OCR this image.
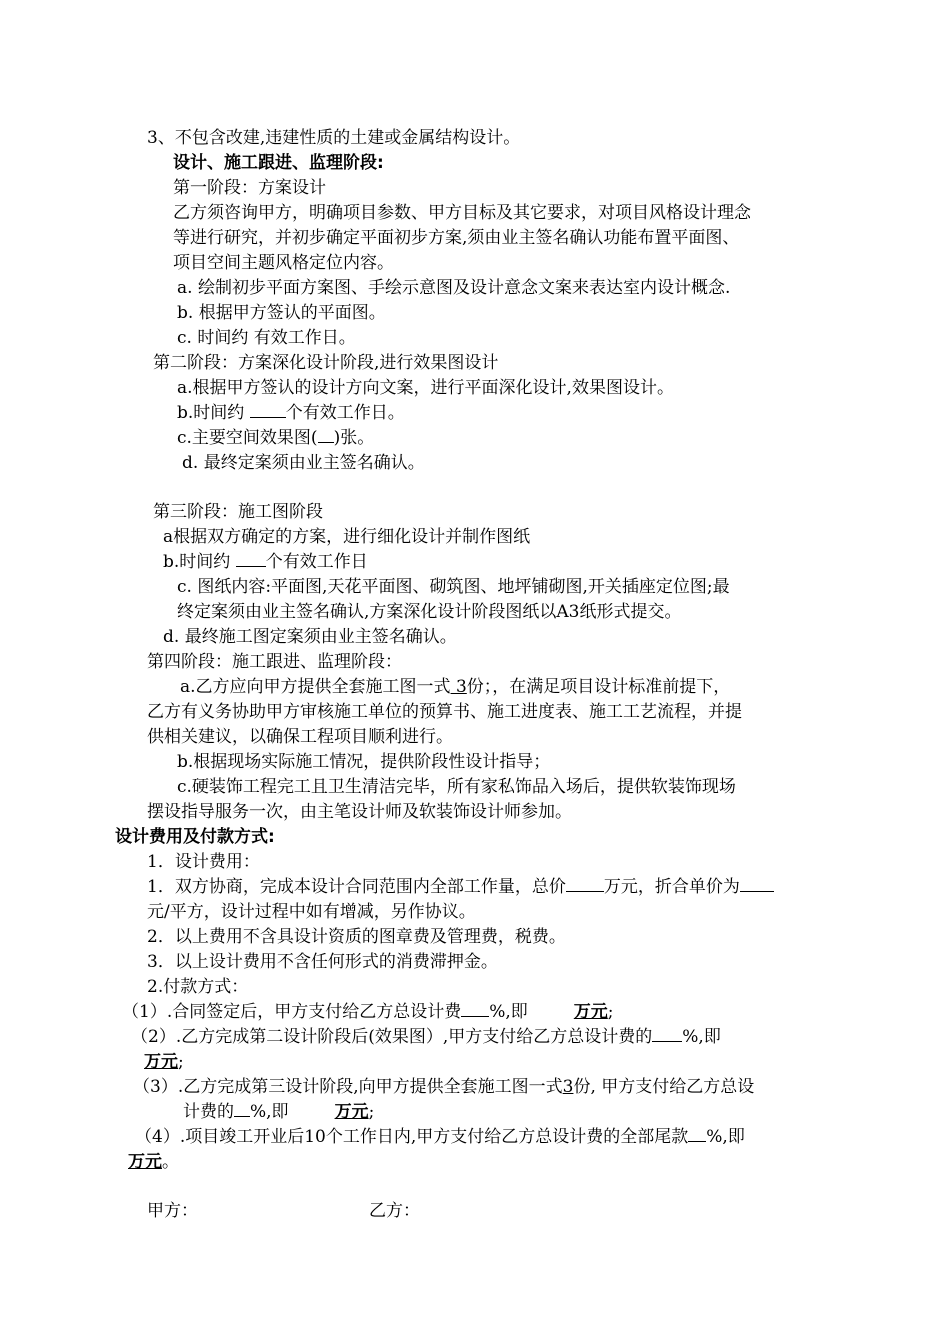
3、不包含改建,违建性质的土建或金属结构设计。
设计、施工跟进、监理阶段:
第一阶段：方案设计
乙方须咨询甲方，明确项目参数、甲方目标及其它要求，对项目风格设计理念
等进行研究，并初步确定平面初步方案,须由业主签名确认功能布置平面图、
项目空间主题风格定位内容。
a. 绘制初步平面方案图、手绘示意图及设计意念文案来表达室内设计概念.
b. 根据甲方签认的平面图。
c. 时间约 有效工作日。
第二阶段：方案深化设计阶段,进行效果图设计
a.根据甲方签认的设计方向文案，进行平面深化设计,效果图设计。
b.时间约 个有效工作日。
c.主要空间效果图( )张。
d. 最终定案须由业主签名确认。
第三阶段：施工图阶段
a根据双方确定的方案，进行细化设计并制作图纸
b.时间约 个有效工作日
c. 图纸内容:平面图,天花平面图、砌筑图、地坪铺砌图,开关插座定位图;最
终定案须由业主签名确认,方案深化设计阶段图纸以A3纸形式提交。
d. 最终施工图定案须由业主签名确认。
第四阶段：施工跟进、监理阶段：
a.乙方应向甲方提供全套施工图一式 3份；，在满足项目设计标准前提下，
乙方有义务协助甲方审核施工单位的预算书、施工进度表、施工工艺流程，并提
供相关建议，以确保工程项目顺利进行。
b.根据现场实际施工情况，提供阶段性设计指导；
c.硬装饰工程完工且卫生清洁完毕，所有家私饰品入场后，提供软装饰现场
摆设指导服务一次，由主笔设计师及软装饰设计师参加。
设计费用及付款方式:
1．设计费用：
1．双方协商，完成本设计合同范围内全部工作量，总价 万元，折合单价为
元/平方，设计过程中如有增减，另作协议。
2．以上费用不含具设计资质的图章费及管理费，税费。
3．以上设计费用不含任何形式的消费滞押金。
2.付款方式：
（1）.合同签定后，甲方支付给乙方总设计费 %,即	万元;
（2）.乙方完成第二设计阶段后(效果图）,甲方支付给乙方总设计费的 %,即
万元;
（3）.乙方完成第三设计阶段,向甲方提供全套施工图一式3份, 甲方支付给乙方总设
计费的 %,即	万元;
（4）.项目竣工开业后10个工作日内,甲方支付给乙方总设计费的全部尾款 %,即
万元。
甲方：	乙方：
